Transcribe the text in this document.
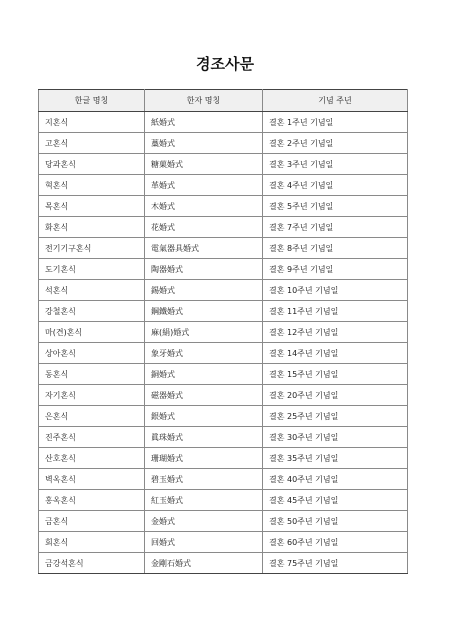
경조사문
한글 명칭	한자 명칭	기념 주년
지혼식	紙婚式	결혼 1주년 기념일
고혼식	藁婚式	결혼 2주년 기념일
당과혼식	糖菓婚式	결혼 3주년 기념일
혁혼식	革婚式	결혼 4주년 기념일
목혼식	木婚式	결혼 5주년 기념일
화혼식	花婚式	결혼 7주년 기념일
전기기구혼식	電氣器具婚式	결혼 8주년 기념일
도기혼식	陶器婚式	결혼 9주년 기념일
석혼식	錫婚式	결혼 10주년 기념일
강철혼식	鋼鐵婚式	결혼 11주년 기념일
마(견)혼식	麻(絹)婚式	결혼 12주년 기념일
상아혼식	象牙婚式	결혼 14주년 기념일
동혼식	銅婚式	결혼 15주년 기념일
자기혼식	磁器婚式	결혼 20주년 기념일
은혼식	銀婚式	결혼 25주년 기념일
진주혼식	眞珠婚式	결혼 30주년 기념일
산호혼식	珊瑚婚式	결혼 35주년 기념일
벽옥혼식	碧玉婚式	결혼 40주년 기념일
홍옥혼식	紅玉婚式	결혼 45주년 기념일
금혼식	金婚式	결혼 50주년 기념일
회혼식	回婚式	결혼 60주년 기념일
금강석혼식	金剛石婚式	결혼 75주년 기념일
